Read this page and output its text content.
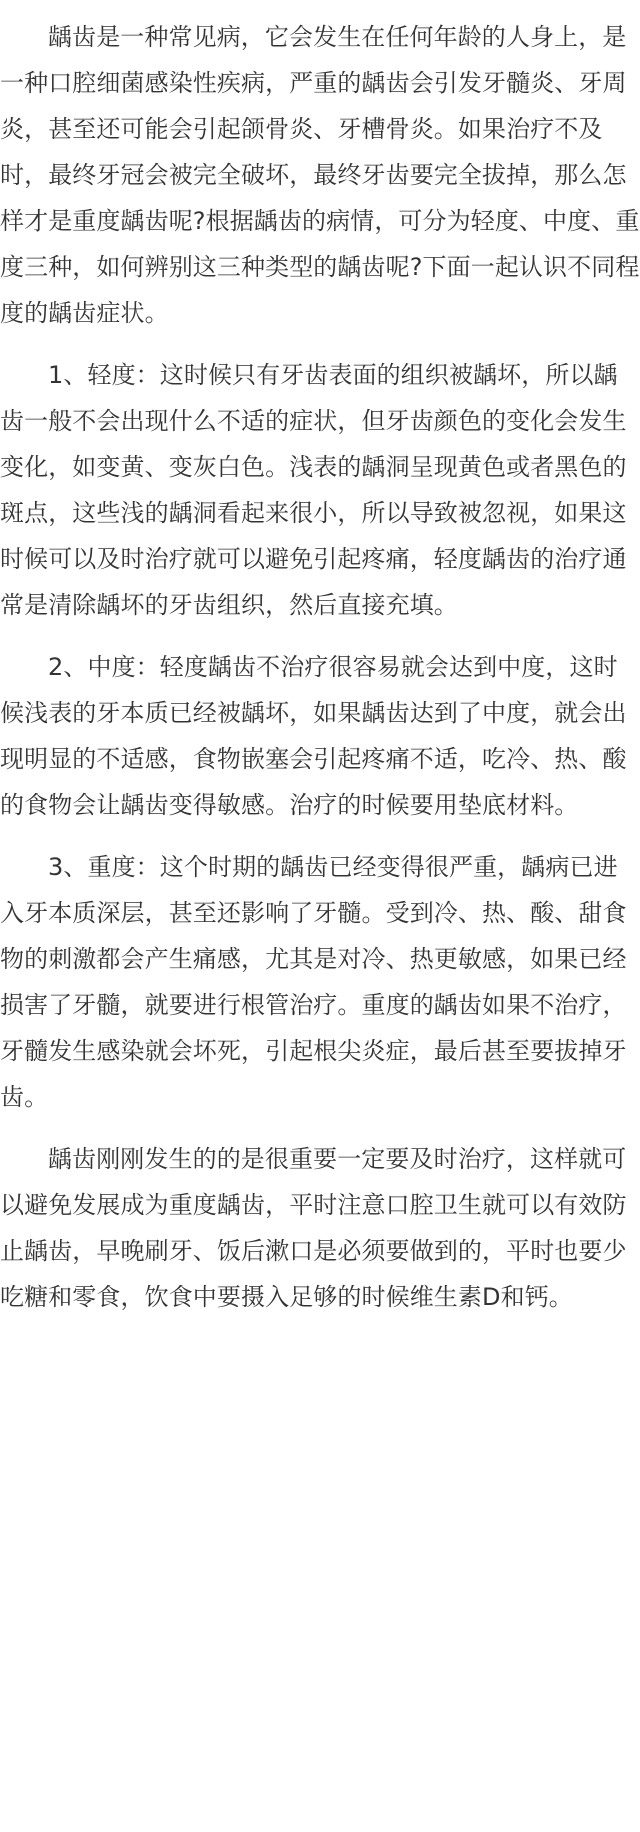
龋齿是一种常见病，它会发生在任何年龄的人身上，是一种口腔细菌感染性疾病，严重的龋齿会引发牙髓炎、牙周炎，甚至还可能会引起颌骨炎、牙槽骨炎。如果治疗不及时，最终牙冠会被完全破坏，最终牙齿要完全拔掉，那么怎样才是重度龋齿呢?根据龋齿的病情，可分为轻度、中度、重度三种，如何辨别这三种类型的龋齿呢?下面一起认识不同程度的龋齿症状。

1、轻度：这时候只有牙齿表面的组织被龋坏，所以龋齿一般不会出现什么不适的症状，但牙齿颜色的变化会发生变化，如变黄、变灰白色。浅表的龋洞呈现黄色或者黑色的斑点，这些浅的龋洞看起来很小，所以导致被忽视，如果这时候可以及时治疗就可以避免引起疼痛，轻度龋齿的治疗通常是清除龋坏的牙齿组织，然后直接充填。

2、中度：轻度龋齿不治疗很容易就会达到中度，这时候浅表的牙本质已经被龋坏，如果龋齿达到了中度，就会出现明显的不适感，食物嵌塞会引起疼痛不适，吃冷、热、酸的食物会让龋齿变得敏感。治疗的时候要用垫底材料。

3、重度：这个时期的龋齿已经变得很严重，龋病已进入牙本质深层，甚至还影响了牙髓。受到冷、热、酸、甜食物的刺激都会产生痛感，尤其是对冷、热更敏感，如果已经损害了牙髓，就要进行根管治疗。重度的龋齿如果不治疗，牙髓发生感染就会坏死，引起根尖炎症，最后甚至要拔掉牙齿。

龋齿刚刚发生的的是很重要一定要及时治疗，这样就可以避免发展成为重度龋齿，平时注意口腔卫生就可以有效防止龋齿，早晚刷牙、饭后漱口是必须要做到的，平时也要少吃糖和零食，饮食中要摄入足够的时候维生素D和钙。
